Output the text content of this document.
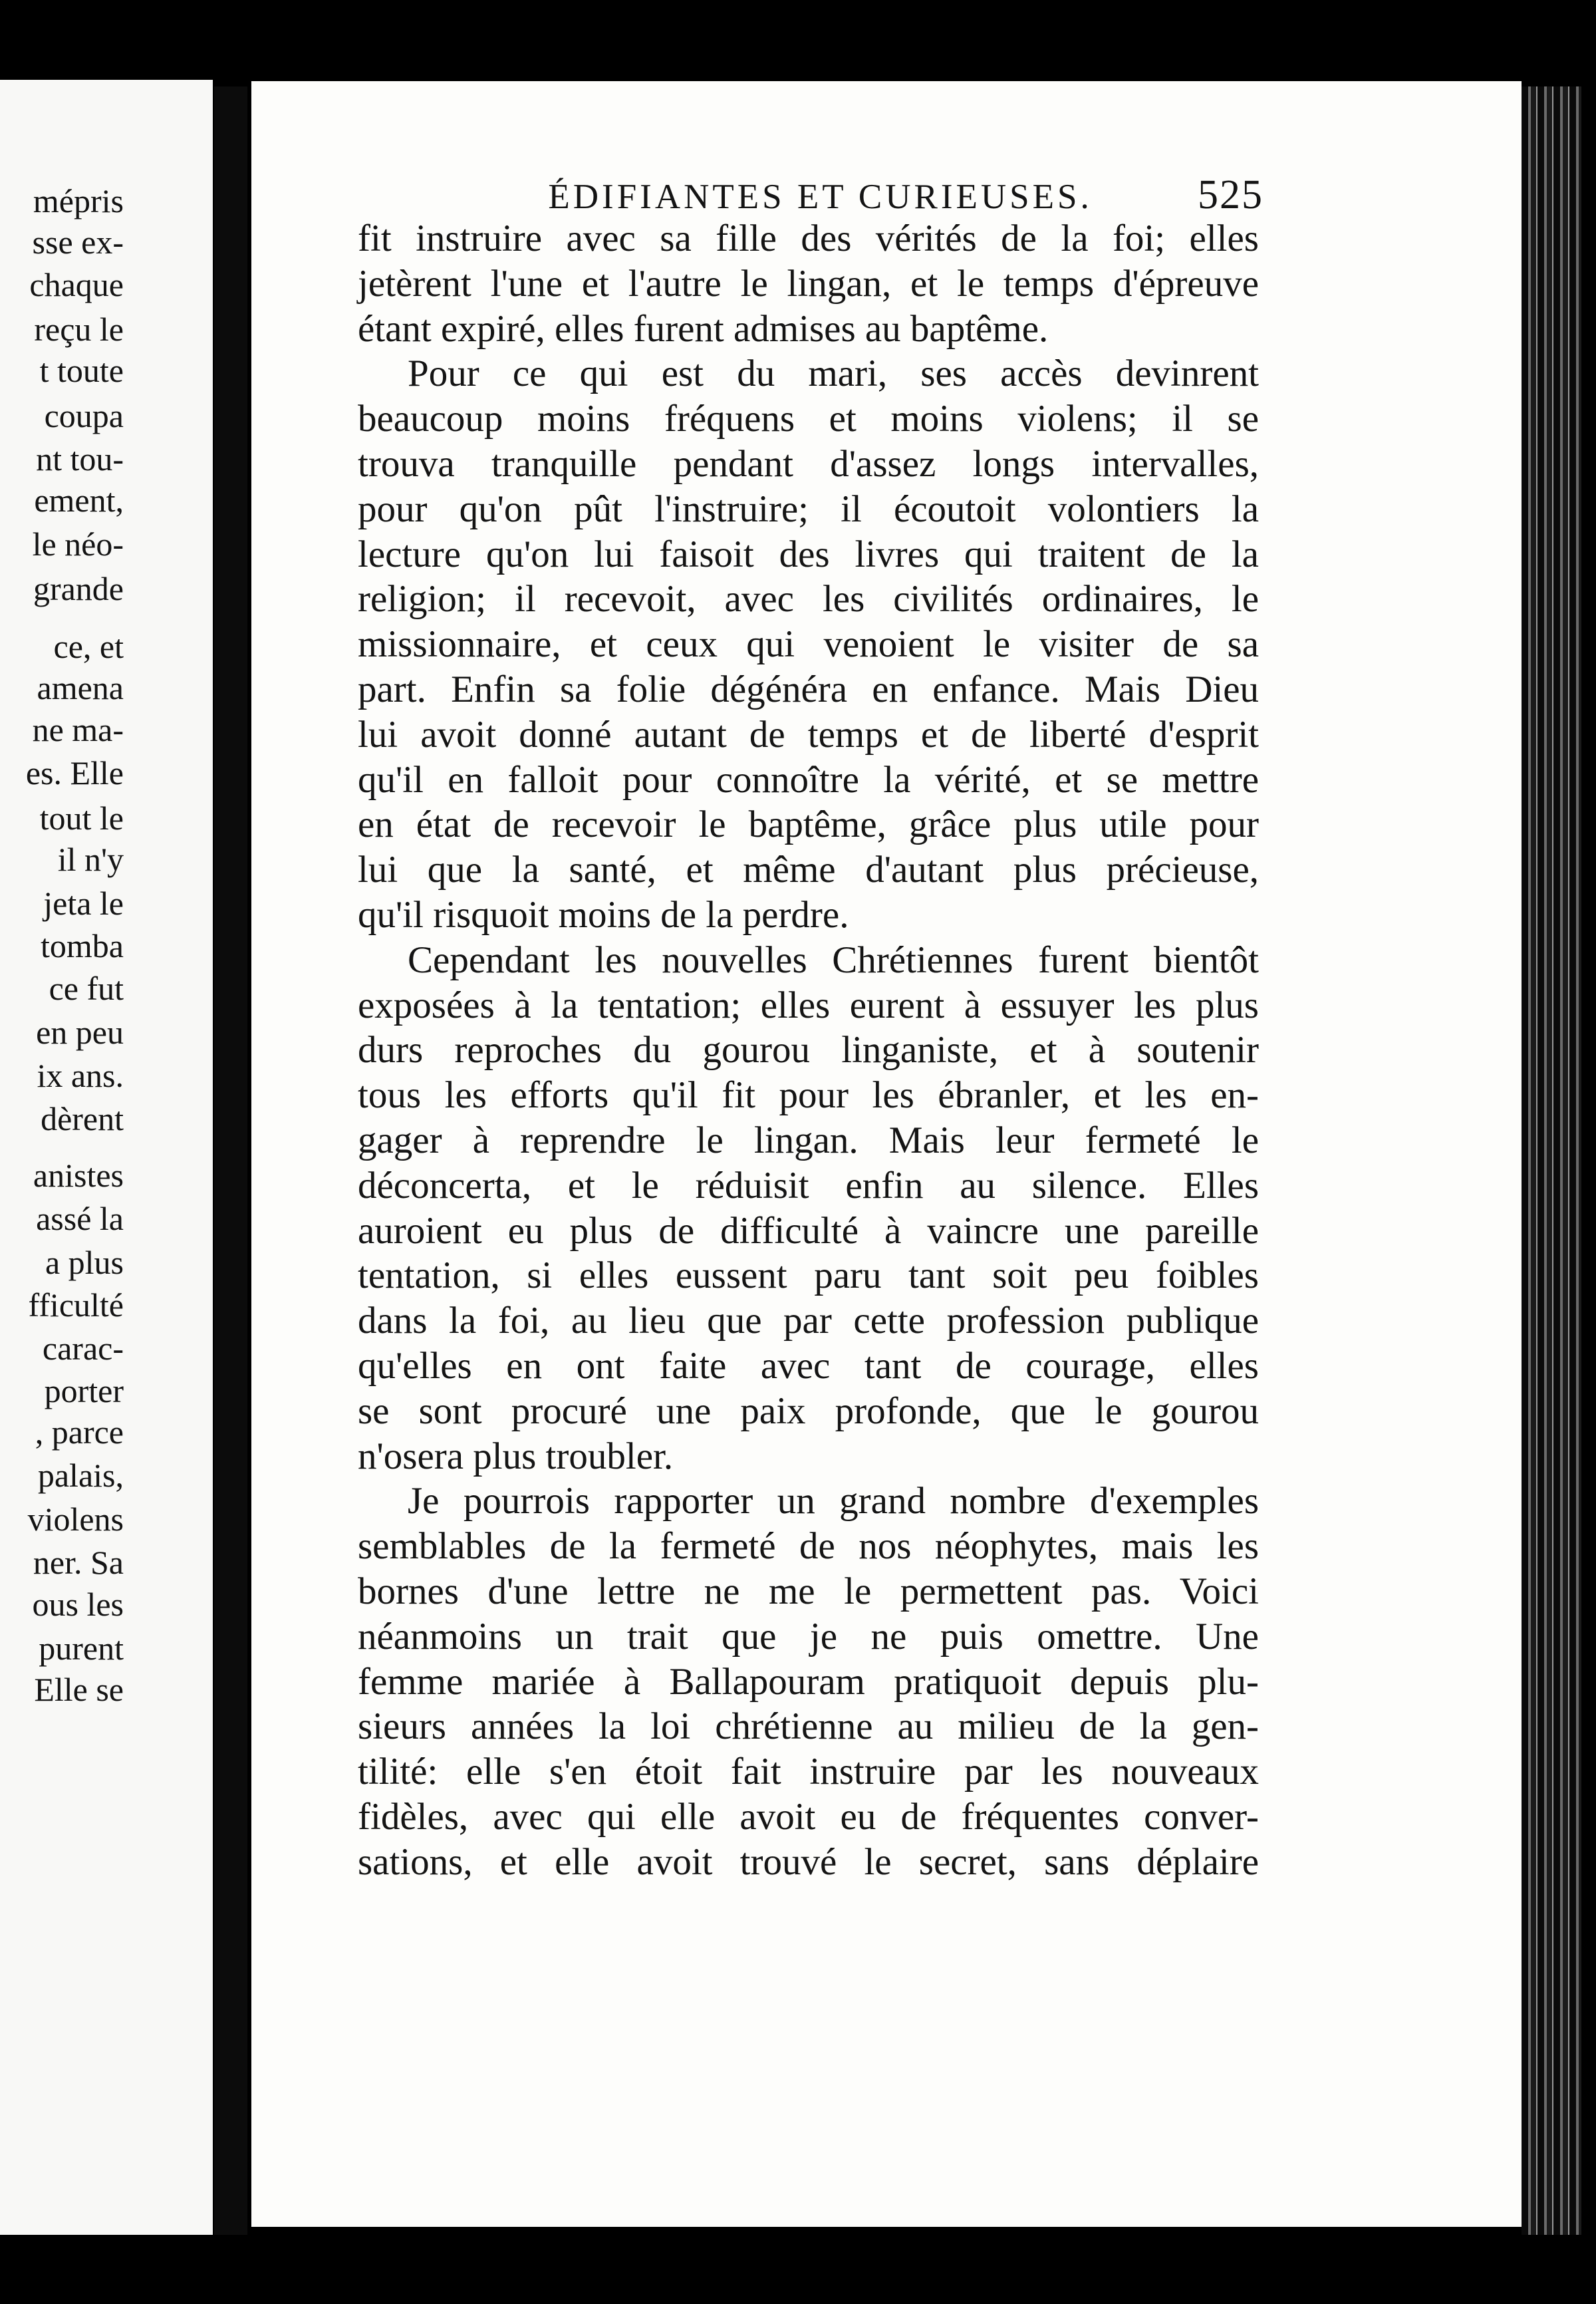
mépris
sse ex-
chaque
reçu le
t toute
coupa
nt tou-
ement,
le néo-
grande
ce, et
amena
ne ma-
es. Elle
tout le
il n'y
jeta le
tomba
ce fut
en peu
ix ans.
dèrent
anistes
assé la
a plus
fficulté
carac-
porter
, parce
palais,
violens
ner. Sa
ous les
purent
Elle se
ÉDIFIANTES ET CURIEUSES.	525
fit instruire avec sa fille des vérités de la foi; elles
jetèrent l'une et l'autre le lingan, et le temps d'épreuve
étant expiré, elles furent admises au baptême.
Pour ce qui est du mari, ses accès devinrent
beaucoup moins fréquens et moins violens; il se
trouva tranquille pendant d'assez longs intervalles,
pour qu'on pût l'instruire; il écoutoit volontiers la
lecture qu'on lui faisoit des livres qui traitent de la
religion; il recevoit, avec les civilités ordinaires, le
missionnaire, et ceux qui venoient le visiter de sa
part. Enfin sa folie dégénéra en enfance. Mais Dieu
lui avoit donné autant de temps et de liberté d'esprit
qu'il en falloit pour connoître la vérité, et se mettre
en état de recevoir le baptême, grâce plus utile pour
lui que la santé, et même d'autant plus précieuse,
qu'il risquoit moins de la perdre.
Cependant les nouvelles Chrétiennes furent bientôt
exposées à la tentation; elles eurent à essuyer les plus
durs reproches du gourou linganiste, et à soutenir
tous les efforts qu'il fit pour les ébranler, et les en-
gager à reprendre le lingan. Mais leur fermeté le
déconcerta, et le réduisit enfin au silence. Elles
auroient eu plus de difficulté à vaincre une pareille
tentation, si elles eussent paru tant soit peu foibles
dans la foi, au lieu que par cette profession publique
qu'elles en ont faite avec tant de courage, elles
se sont procuré une paix profonde, que le gourou
n'osera plus troubler.
Je pourrois rapporter un grand nombre d'exemples
semblables de la fermeté de nos néophytes, mais les
bornes d'une lettre ne me le permettent pas. Voici
néanmoins un trait que je ne puis omettre. Une
femme mariée à Ballapouram pratiquoit depuis plu-
sieurs années la loi chrétienne au milieu de la gen-
tilité: elle s'en étoit fait instruire par les nouveaux
fidèles, avec qui elle avoit eu de fréquentes conver-
sations, et elle avoit trouvé le secret, sans déplaire
